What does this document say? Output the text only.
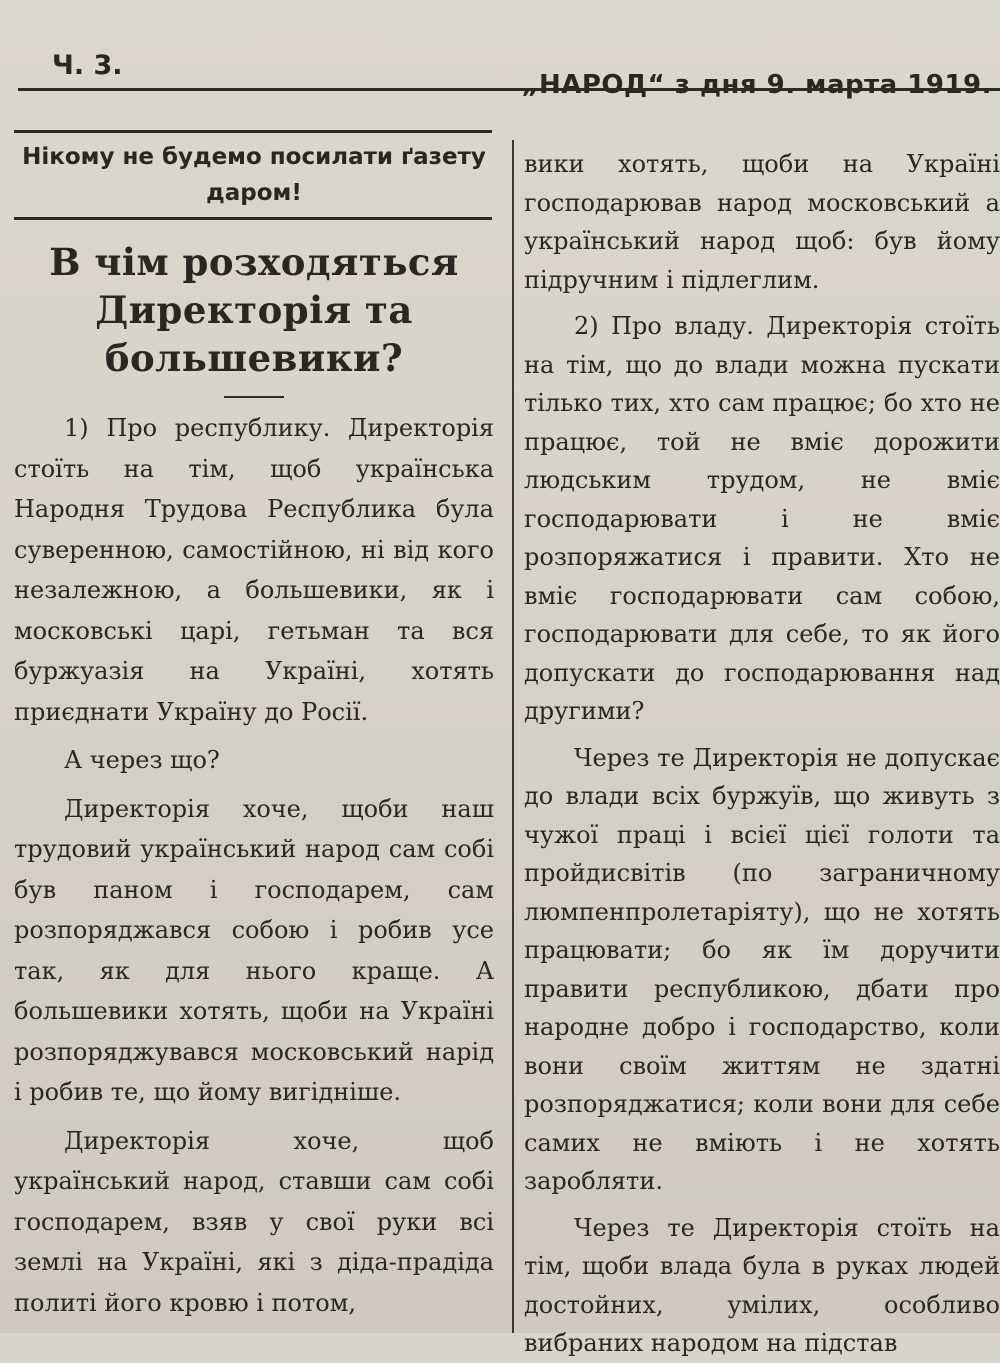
Ч. 3.
„НАРОД“ з дня 9. марта 1919.
Нікому не будемо посилати ґазету даром!
В чім розходяться Директорія та большевики?

1) Про республику. Директорія стоїть на тім, щоб українська Народня Трудова Республика була суверенною, самостійною, ні від кого незалежною, а большевики, як і московські царі, гетьман та вся буржуазія на Україні, хотять приєднати Україну до Росії.

А через що?

Директорія хоче, щоби наш трудовий український народ сам собі був паном і господарем, сам розпоряджався собою і робив усе так, як для нього краще. А большевики хотять, щоби на Україні розпоряджувався московський нарід і робив те, що йому вигідніше.

Директорія хоче, щоб український народ, ставши сам собі господарем, взяв у свої руки всі землі на Україні, які з діда-прадіда политі його кровю і потом,

вики хотять, щоби на Україні господарював народ московський а український народ щоб: був йому підручним і підлеглим.

2) Про владу. Директорія стоїть на тім, що до влади можна пускати тілько тих, хто сам працює; бо хто не працює, той не вміє дорожити людським трудом, не вміє господарювати і не вміє розпоряжатися і правити. Хто не вміє господарювати сам собою, господарювати для себе, то як його допускати до господарювання над другими?

Через те Директорія не допускає до влади всіх буржуїв, що живуть з чужої праці і всієї цієї голоти та пройдисвітів (по заграничному люмпенпролетаріяту), що не хотять працювати; бо як їм доручити правити республикою, дбати про народне добро і господарство, коли вони своїм життям не здатні розпоряджатися; коли вони для себе самих не вміють і не хотять заробляти.

Через те Директорія стоїть на тім, щоби влада була в руках людей достойних, умілих, особливо вибраних народом на підстав
